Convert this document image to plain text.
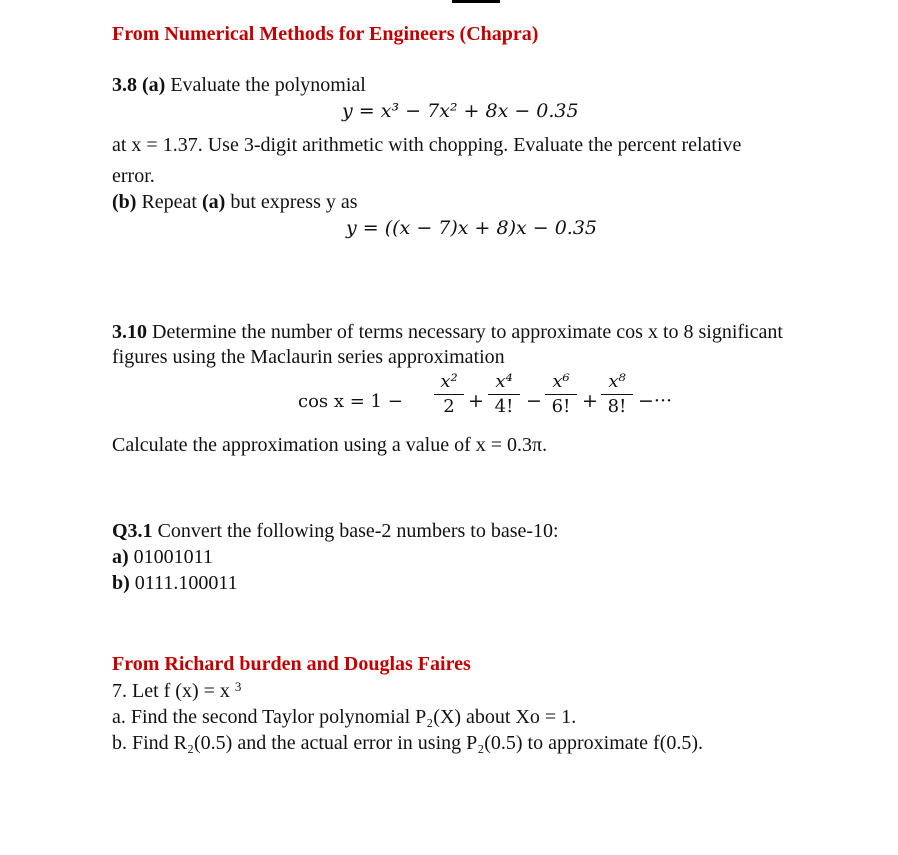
From Numerical Methods for Engineers (Chapra)
3.8 (a) Evaluate the polynomial
y = x³ − 7x² + 8x − 0.35
at x = 1.37. Use 3-digit arithmetic with chopping. Evaluate the percent relative
error.
(b) Repeat (a) but express y as
y = ((x − 7)x + 8)x − 0.35
3.10 Determine the number of terms necessary to approximate cos x to 8 significant
figures using the Maclaurin series approximation
cos x = 1 −
x²
2 +
x⁴
4! −
x⁶
6! +
x⁸
8! −···
Calculate the approximation using a value of x = 0.3π.
Q3.1 Convert the following base-2 numbers to base-10:
a) 01001011
b) 0111.100011
From Richard burden and Douglas Faires
7. Let f (x) = x $^3$
a. Find the second Taylor polynomial P₂(X) about Xo = 1.
b. Find R₂(0.5) and the actual error in using P₂(0.5) to approximate f(0.5).
